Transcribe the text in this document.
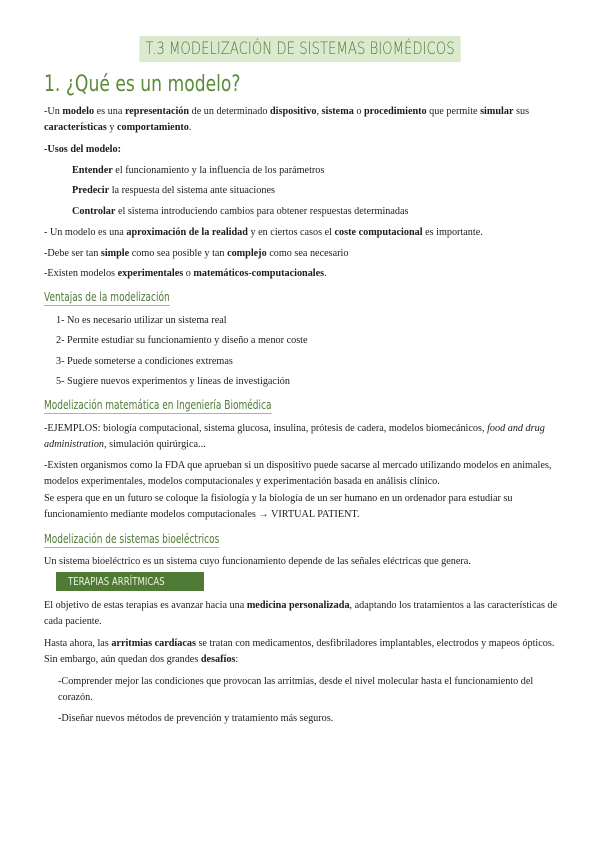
T.3 MODELIZACIÓN DE SISTEMAS BIOMÉDICOS
1. ¿Qué es un modelo?
-Un modelo es una representación de un determinado dispositivo, sistema o procedimiento que permite simular sus características y comportamiento.
-Usos del modelo:
Entender el funcionamiento y la influencia de los parámetros
Predecir la respuesta del sistema ante situaciones
Controlar el sistema introduciendo cambios para obtener respuestas determinadas
- Un modelo es una aproximación de la realidad y en ciertos casos el coste computacional es importante.
-Debe ser tan simple como sea posible y tan complejo como sea necesario
-Existen modelos experimentales o matemáticos-computacionales.
Ventajas de la modelización
1- No es necesario utilizar un sistema real
2- Permite estudiar su funcionamiento y diseño a menor coste
3- Puede someterse a condiciones extremas
5- Sugiere nuevos experimentos y líneas de investigación
Modelización matemática en Ingeniería Biomédica
-EJEMPLOS: biología computacional, sistema glucosa, insulina, prótesis de cadera, modelos biomecánicos, food and drug administration, simulación quirúrgica...
-Existen organismos como la FDA que aprueban si un dispositivo puede sacarse al mercado utilizando modelos en animales, modelos experimentales, modelos computacionales y experimentación basada en análisis clínico.
Se espera que en un futuro se coloque la fisiología y la biología de un ser humano en un ordenador para estudiar su funcionamiento mediante modelos computacionales → VIRTUAL PATIENT.
Modelización de sistemas bioeléctricos
Un sistema bioeléctrico es un sistema cuyo funcionamiento depende de las señales eléctricas que genera.
TERAPIAS ARRÍTMICAS
El objetivo de estas terapias es avanzar hacia una medicina personalizada, adaptando los tratamientos a las características de cada paciente.
Hasta ahora, las arritmias cardíacas se tratan con medicamentos, desfibriladores implantables, electrodos y mapeos ópticos. Sin embargo, aún quedan dos grandes desafíos:
-Comprender mejor las condiciones que provocan las arritmias, desde el nivel molecular hasta el funcionamiento del corazón.
-Diseñar nuevos métodos de prevención y tratamiento más seguros.
